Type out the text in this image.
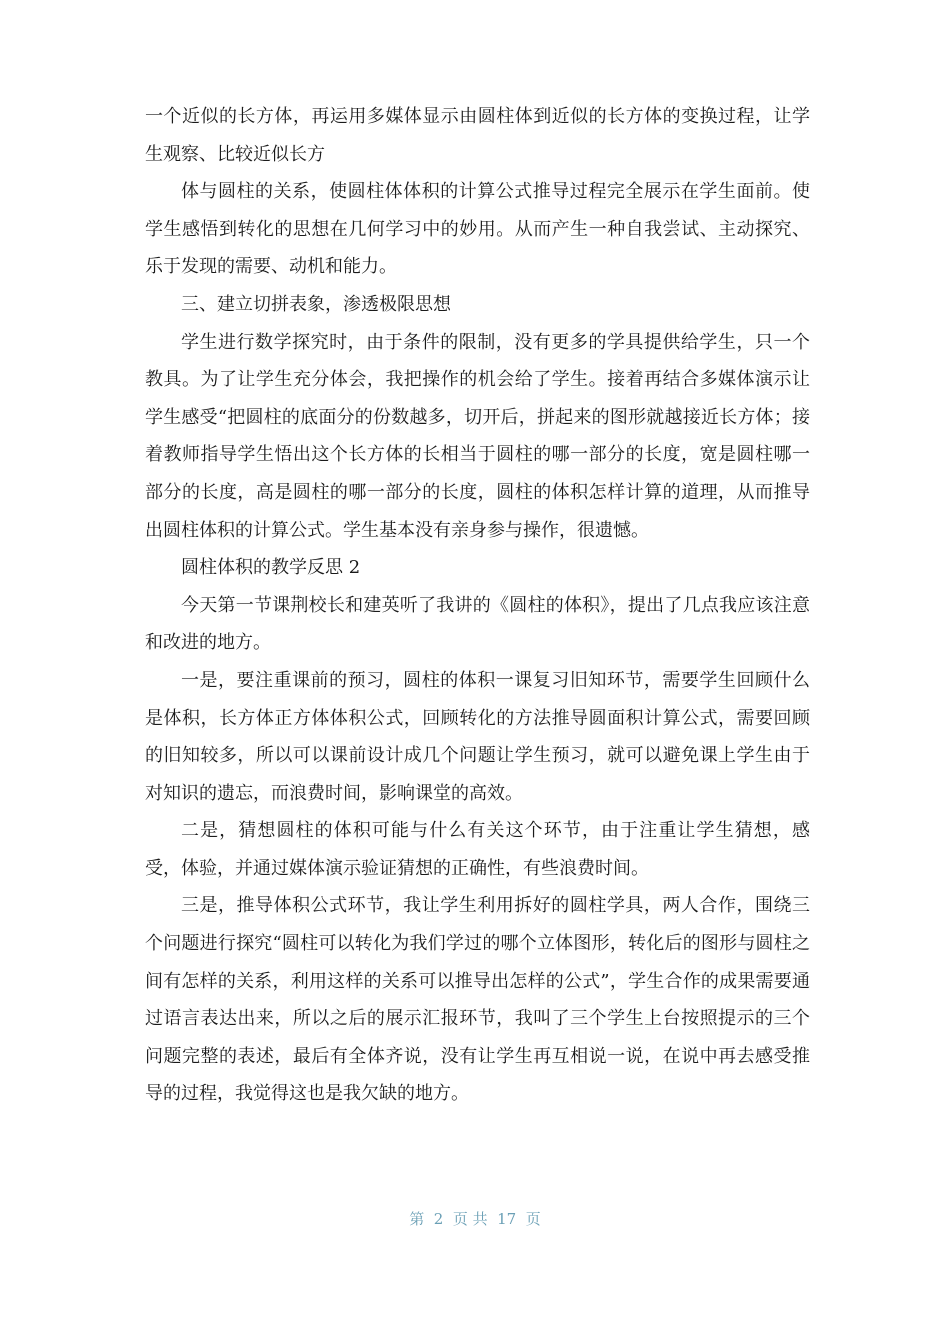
一个近似的长方体，再运用多媒体显示由圆柱体到近似的长方体的变换过程，让学生观察、比较近似长方

体与圆柱的关系，使圆柱体体积的计算公式推导过程完全展示在学生面前。使学生感悟到转化的思想在几何学习中的妙用。从而产生一种自我尝试、主动探究、乐于发现的需要、动机和能力。

三、建立切拼表象，渗透极限思想

学生进行数学探究时，由于条件的限制，没有更多的学具提供给学生，只一个教具。为了让学生充分体会，我把操作的机会给了学生。接着再结合多媒体演示让学生感受“把圆柱的底面分的份数越多，切开后，拼起来的图形就越接近长方体；接着教师指导学生悟出这个长方体的长相当于圆柱的哪一部分的长度，宽是圆柱哪一部分的长度，高是圆柱的哪一部分的长度，圆柱的体积怎样计算的道理，从而推导出圆柱体积的计算公式。学生基本没有亲身参与操作，很遗憾。

圆柱体积的教学反思 2

今天第一节课荆校长和建英听了我讲的《圆柱的体积》，提出了几点我应该注意和改进的地方。

一是，要注重课前的预习，圆柱的体积一课复习旧知环节，需要学生回顾什么是体积，长方体正方体体积公式，回顾转化的方法推导圆面积计算公式，需要回顾的旧知较多，所以可以课前设计成几个问题让学生预习，就可以避免课上学生由于对知识的遗忘，而浪费时间，影响课堂的高效。

二是，猜想圆柱的体积可能与什么有关这个环节，由于注重让学生猜想，感受，体验，并通过媒体演示验证猜想的正确性，有些浪费时间。

三是，推导体积公式环节，我让学生利用拆好的圆柱学具，两人合作，围绕三个问题进行探究“圆柱可以转化为我们学过的哪个立体图形，转化后的图形与圆柱之间有怎样的关系，利用这样的关系可以推导出怎样的公式”，学生合作的成果需要通过语言表达出来，所以之后的展示汇报环节，我叫了三个学生上台按照提示的三个问题完整的表述，最后有全体齐说，没有让学生再互相说一说，在说中再去感受推导的过程，我觉得这也是我欠缺的地方。

第  2  页 共  17  页
